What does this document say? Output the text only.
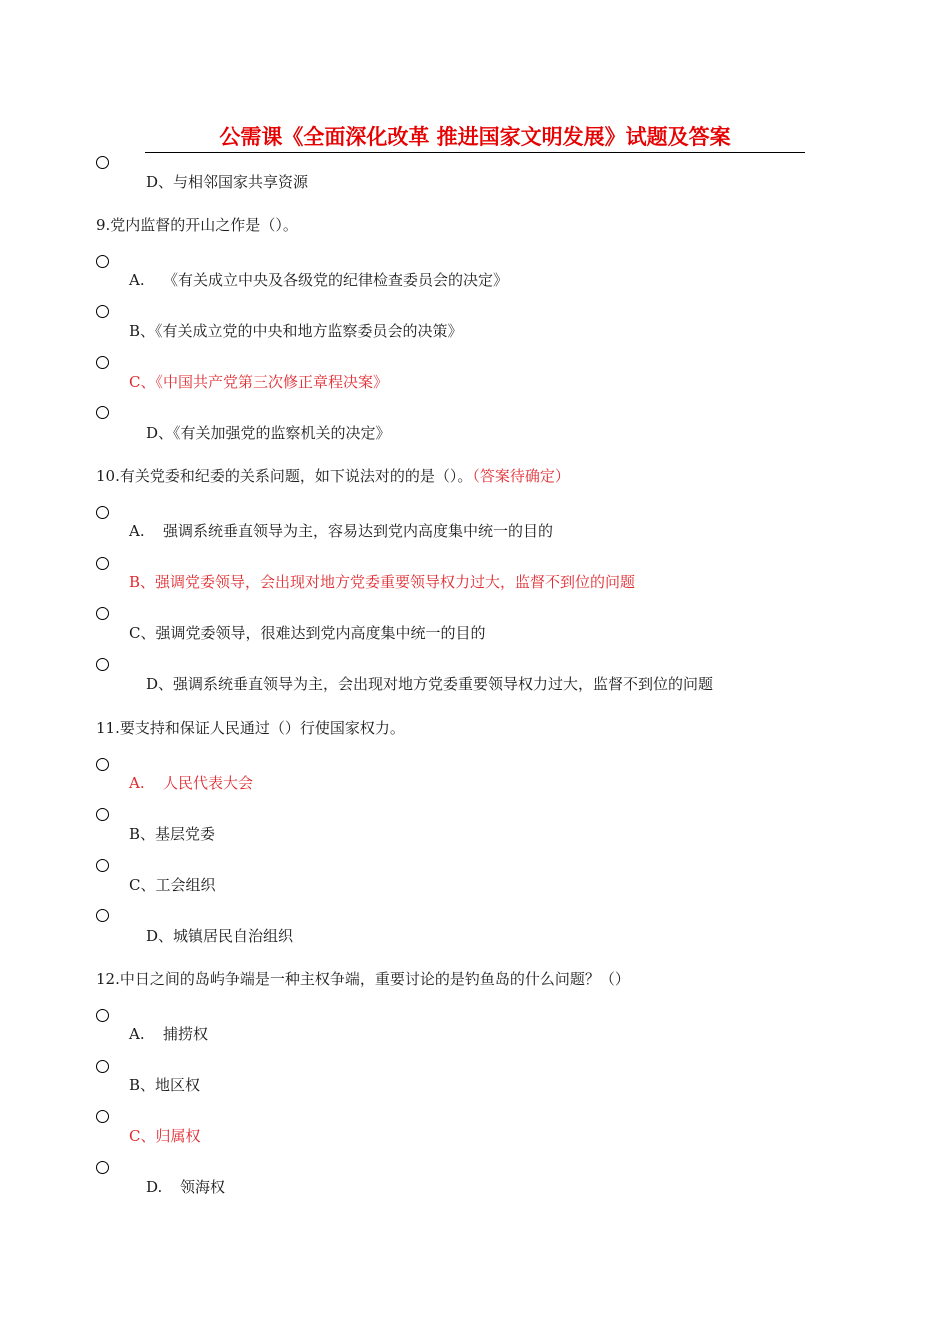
公需课《全面深化改革 推进国家文明发展》试题及答案
D、与相邻国家共享资源
9.党内监督的开山之作是（）。
A. 《有关成立中央及各级党的纪律检查委员会的决定》
B、《有关成立党的中央和地方监察委员会的决策》
C、《中国共产党第三次修正章程决案》
D、《有关加强党的监察机关的决定》
10.有关党委和纪委的关系问题，如下说法对的的是（）。（答案待确定）
A. 强调系统垂直领导为主，容易达到党内高度集中统一的目的
B、强调党委领导，会出现对地方党委重要领导权力过大，监督不到位的问题
C、强调党委领导，很难达到党内高度集中统一的目的
D、强调系统垂直领导为主，会出现对地方党委重要领导权力过大，监督不到位的问题
11.要支持和保证人民通过（）行使国家权力。
A. 人民代表大会
B、基层党委
C、工会组织
D、城镇居民自治组织
12.中日之间的岛屿争端是一种主权争端，重要讨论的是钓鱼岛的什么问题？（）
A. 捕捞权
B、地区权
C、归属权
D. 领海权
